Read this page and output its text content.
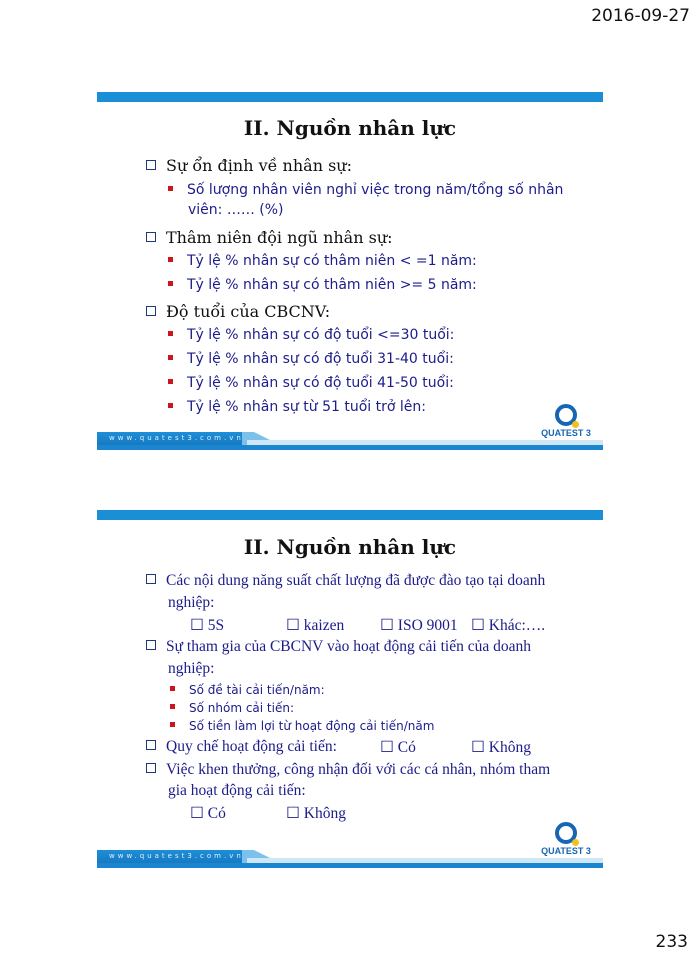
2016-09-27
II. Nguồn nhân lực
Sự ổn định về nhân sự:
Số lượng nhân viên nghỉ việc trong năm/tổng số nhân
viên: …… (%)
Thâm niên đội ngũ nhân sự:
Tỷ lệ % nhân sự có thâm niên < =1 năm:
Tỷ lệ % nhân sự có thâm niên >= 5 năm:
Độ tuổi của CBCNV:
Tỷ lệ % nhân sự có độ tuổi <=30 tuổi:
Tỷ lệ % nhân sự có độ tuổi 31-40 tuổi:
Tỷ lệ % nhân sự có độ tuổi 41-50 tuổi:
Tỷ lệ % nhân sự từ 51 tuổi trở lên:
QUATEST 3
www.quatest3.com.vn
II. Nguồn nhân lực
Các nội dung năng suất chất lượng đã được đào tạo tại doanh
nghiệp:
☐ 5S	☐ kaizen ☐ ISO 9001 ☐ Khác:….
Sự tham gia của CBCNV vào hoạt động cải tiến của doanh
nghiệp:
Số đề tài cải tiến/năm:
Số nhóm cải tiến:
Số tiền làm lợi từ hoạt động cải tiến/năm
Quy chế hoạt động cải tiến:	☐ Có	☐ Không
Việc khen thưởng, công nhận đối với các cá nhân, nhóm tham
gia hoạt động cải tiến:
☐ Có	☐ Không
QUATEST 3
www.quatest3.com.vn
233
